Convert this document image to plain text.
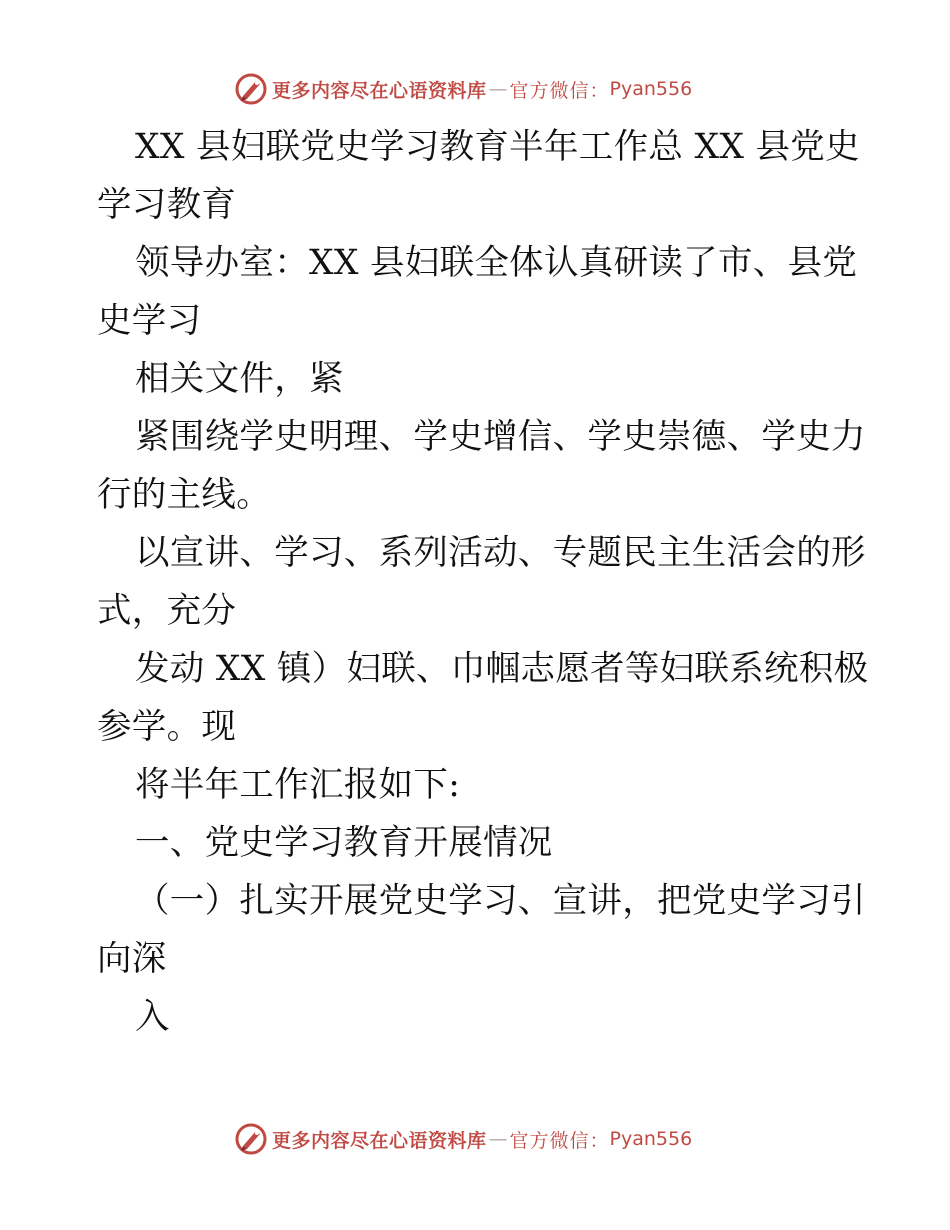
更多内容尽在心语资料库 — 官方微信： Pyan556
XX 县妇联党史学习教育半年工作总 XX 县党史
学习教育
领导办室：XX 县妇联全体认真研读了市、县党
史学习
相关文件，紧
紧围绕学史明理、学史增信、学史崇德、学史力
行的主线。
以宣讲、学习、系列活动、专题民主生活会的形
式，充分
发动 XX 镇）妇联、巾帼志愿者等妇联系统积极
参学。现
将半年工作汇报如下:
一、党史学习教育开展情况
（一）扎实开展党史学习、宣讲，把党史学习引
向深
入
更多内容尽在心语资料库 — 官方微信： Pyan556
